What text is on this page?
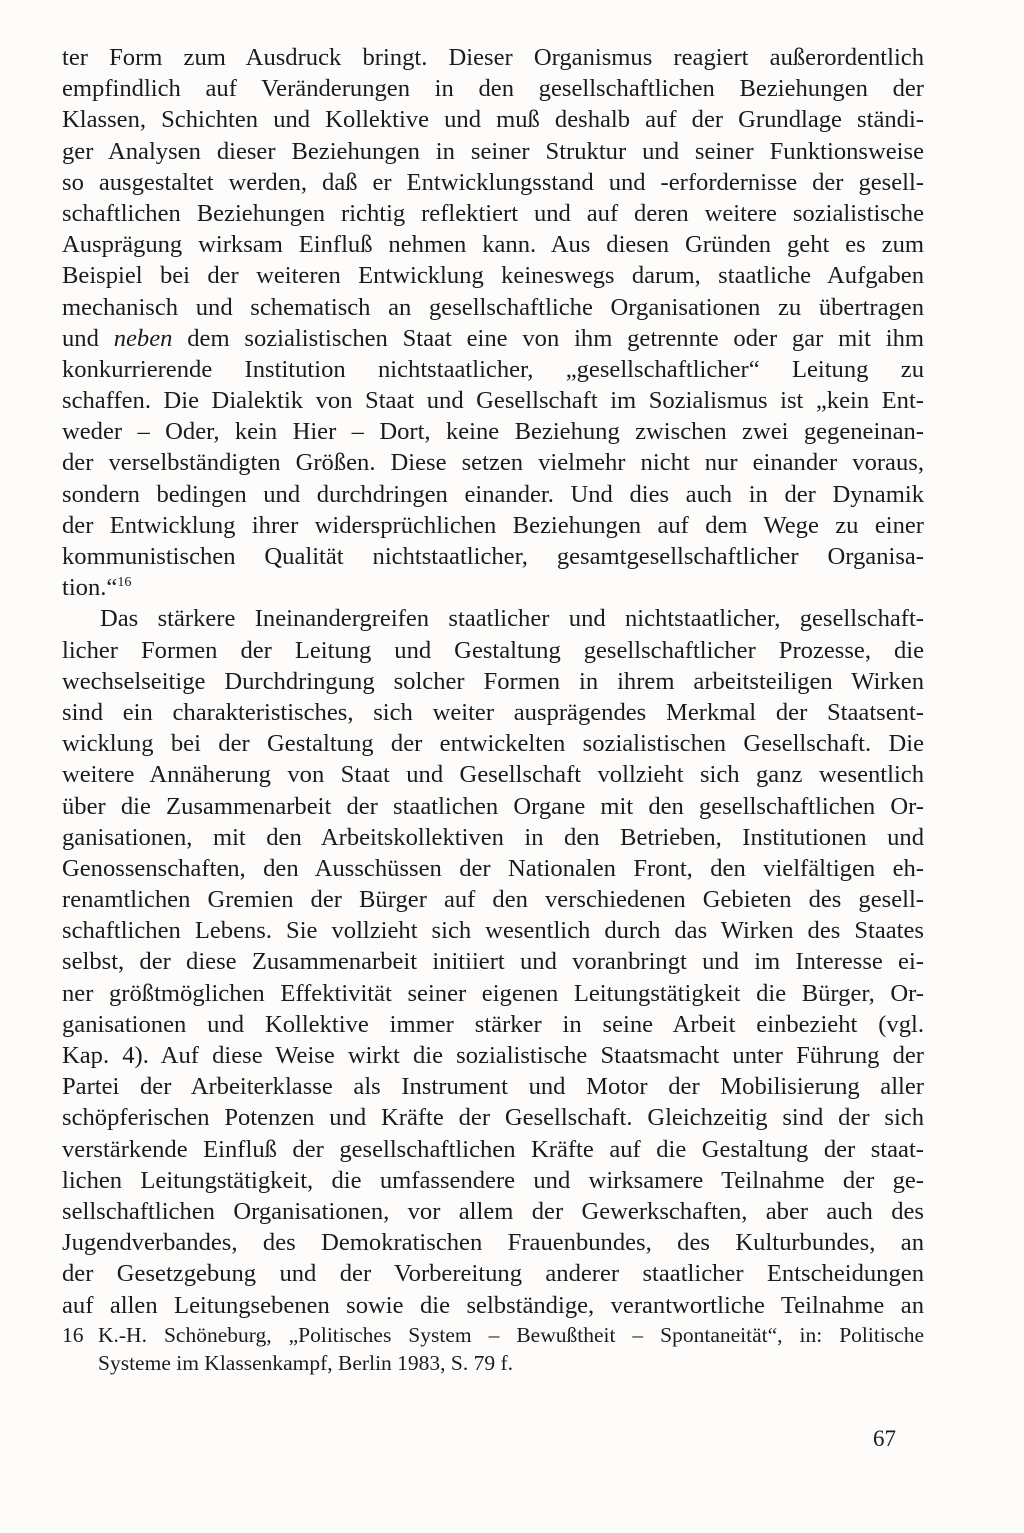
ter Form zum Ausdruck bringt. Dieser Organismus reagiert außerordentlich
empfindlich auf Veränderungen in den gesellschaftlichen Beziehungen der
Klassen, Schichten und Kollektive und muß deshalb auf der Grundlage ständi-
ger Analysen dieser Beziehungen in seiner Struktur und seiner Funktionsweise
so ausgestaltet werden, daß er Entwicklungsstand und -erfordernisse der gesell-
schaftlichen Beziehungen richtig reflektiert und auf deren weitere sozialistische
Ausprägung wirksam Einfluß nehmen kann. Aus diesen Gründen geht es zum
Beispiel bei der weiteren Entwicklung keineswegs darum, staatliche Aufgaben
mechanisch und schematisch an gesellschaftliche Organisationen zu übertragen
und neben dem sozialistischen Staat eine von ihm getrennte oder gar mit ihm
konkurrierende Institution nichtstaatlicher, „gesellschaftlicher“ Leitung zu
schaffen. Die Dialektik von Staat und Gesellschaft im Sozialismus ist „kein Ent-
weder – Oder, kein Hier – Dort, keine Beziehung zwischen zwei gegeneinan-
der verselbständigten Größen. Diese setzen vielmehr nicht nur einander voraus,
sondern bedingen und durchdringen einander. Und dies auch in der Dynamik
der Entwicklung ihrer widersprüchlichen Beziehungen auf dem Wege zu einer
kommunistischen Qualität nichtstaatlicher, gesamtgesellschaftlicher Organisa-
tion.“$^{16}$
Das stärkere Ineinandergreifen staatlicher und nichtstaatlicher, gesellschaft-
licher Formen der Leitung und Gestaltung gesellschaftlicher Prozesse, die
wechselseitige Durchdringung solcher Formen in ihrem arbeitsteiligen Wirken
sind ein charakteristisches, sich weiter ausprägendes Merkmal der Staatsent-
wicklung bei der Gestaltung der entwickelten sozialistischen Gesellschaft. Die
weitere Annäherung von Staat und Gesellschaft vollzieht sich ganz wesentlich
über die Zusammenarbeit der staatlichen Organe mit den gesellschaftlichen Or-
ganisationen, mit den Arbeitskollektiven in den Betrieben, Institutionen und
Genossenschaften, den Ausschüssen der Nationalen Front, den vielfältigen eh-
renamtlichen Gremien der Bürger auf den verschiedenen Gebieten des gesell-
schaftlichen Lebens. Sie vollzieht sich wesentlich durch das Wirken des Staates
selbst, der diese Zusammenarbeit initiiert und voranbringt und im Interesse ei-
ner größtmöglichen Effektivität seiner eigenen Leitungstätigkeit die Bürger, Or-
ganisationen und Kollektive immer stärker in seine Arbeit einbezieht (vgl.
Kap. 4). Auf diese Weise wirkt die sozialistische Staatsmacht unter Führung der
Partei der Arbeiterklasse als Instrument und Motor der Mobilisierung aller
schöpferischen Potenzen und Kräfte der Gesellschaft. Gleichzeitig sind der sich
verstärkende Einfluß der gesellschaftlichen Kräfte auf die Gestaltung der staat-
lichen Leitungstätigkeit, die umfassendere und wirksamere Teilnahme der ge-
sellschaftlichen Organisationen, vor allem der Gewerkschaften, aber auch des
Jugendverbandes, des Demokratischen Frauenbundes, des Kulturbundes, an
der Gesetzgebung und der Vorbereitung anderer staatlicher Entscheidungen
auf allen Leitungsebenen sowie die selbständige, verantwortliche Teilnahme an
16 K.-H. Schöneburg, „Politisches System – Bewußtheit – Spontaneität“, in: Politische
Systeme im Klassenkampf, Berlin 1983, S. 79 f.
67
